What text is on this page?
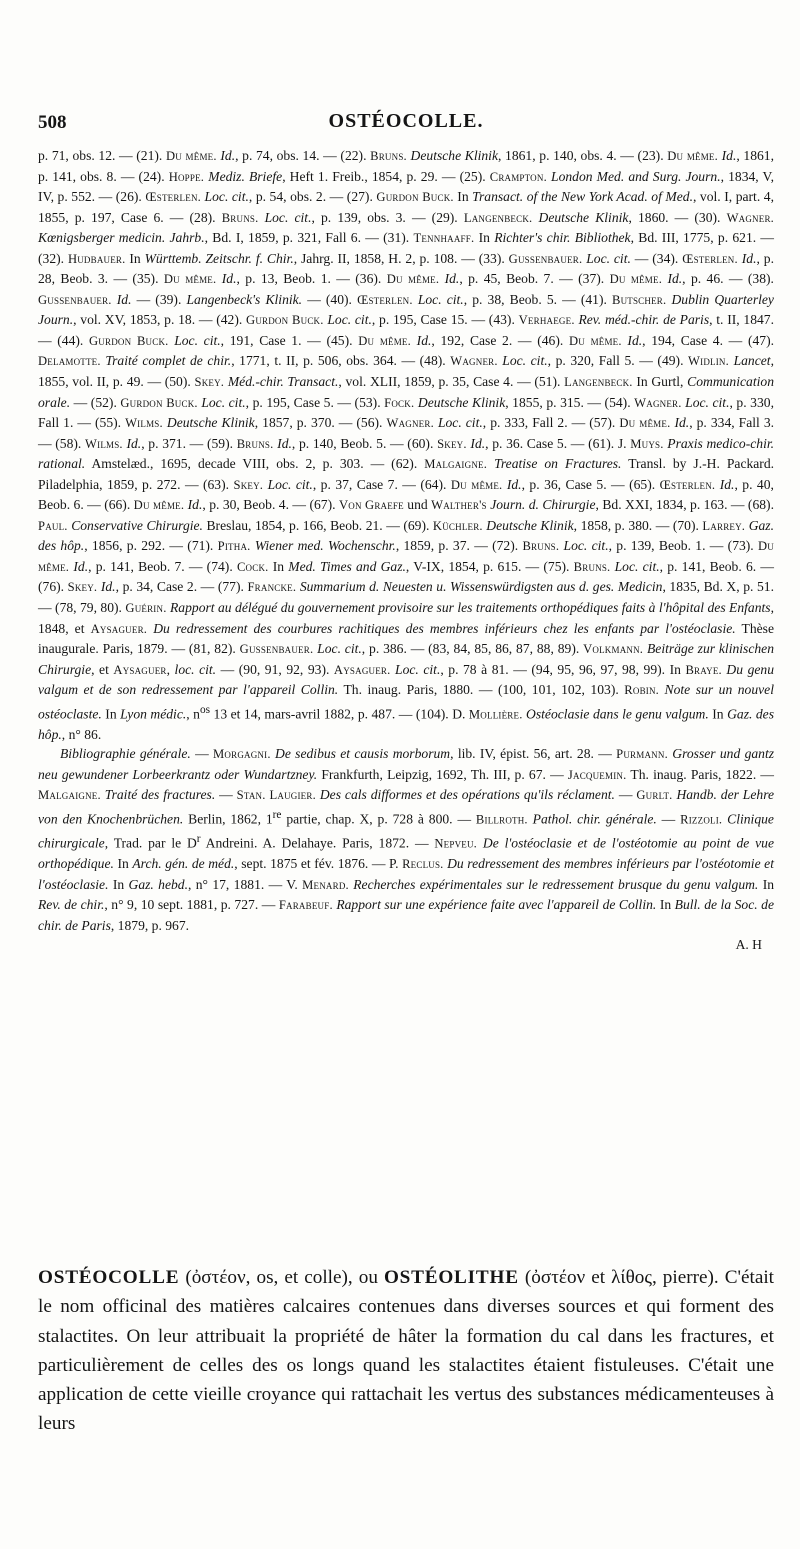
508	OSTÉOCOLLE.

p. 71, obs. 12. — (21). Du même. Id., p. 74, obs. 14. — (22). Bruns. Deutsche Klinik, 1861, p. 140, obs. 4. — (23). Du même. Id., 1861, p. 141, obs. 8. — (24). Hoppe. Mediz. Briefe, Heft 1. Freib., 1854, p. 29. — (25). Crampton. London Med. and Surg. Journ., 1834, V, IV, p. 552. — (26). Œsterlen. Loc. cit., p. 54, obs. 2. — (27). Gurdon Buck. In Transact. of the New York Acad. of Med., vol. I, part. 4, 1855, p. 197, Case 6. — (28). Bruns. Loc. cit., p. 139, obs. 3. — (29). Langenbeck. Deutsche Klinik, 1860. — (30). Wagner. Kœnigsberger medicin. Jahrb., Bd. I, 1859, p. 321, Fall 6. — (31). Tennhaaff. In Richter's chir. Bibliothek, Bd. III, 1775, p. 621. — (32). Hudbauer. In Württemb. Zeitschr. f. Chir., Jahrg. II, 1858, H. 2, p. 108. — (33). Gussenbauer. Loc. cit. — (34). Œsterlen. Id., p. 28, Beob. 3. — (35). Du même. Id., p. 13, Beob. 1. — (36). Du même. Id., p. 45, Beob. 7. — (37). Du même. Id., p. 46. — (38). Gussenbauer. Id. — (39). Langenbeck's Klinik. — (40). Œsterlen. Loc. cit., p. 38, Beob. 5. — (41). Butscher. Dublin Quarterley Journ., vol. XV, 1853, p. 18. — (42). Gurdon Buck. Loc. cit., p. 195, Case 15. — (43). Verhaege. Rev. méd.-chir. de Paris, t. II, 1847. — (44). Gurdon Buck. Loc. cit., 191, Case 1. — (45). Du même. Id., 192, Case 2. — (46). Du même. Id., 194, Case 4. — (47). Delamotte. Traité complet de chir., 1771, t. II, p. 506, obs. 364. — (48). Wagner. Loc. cit., p. 320, Fall 5. — (49). Widlin. Lancet, 1855, vol. II, p. 49. — (50). Skey. Méd.-chir. Transact., vol. XLII, 1859, p. 35, Case 4. — (51). Langenbeck. In Gurtl, Communication orale. — (52). Gurdon Buck. Loc. cit., p. 195, Case 5. — (53). Fock. Deutsche Klinik, 1855, p. 315. — (54). Wagner. Loc. cit., p. 330, Fall 1. — (55). Wilms. Deutsche Klinik, 1857, p. 370. — (56). Wagner. Loc. cit., p. 333, Fall 2. — (57). Du même. Id., p. 334, Fall 3. — (58). Wilms. Id., p. 371. — (59). Bruns. Id., p. 140, Beob. 5. — (60). Skey. Id., p. 36. Case 5. — (61). J. Muys. Praxis medico-chir. rational. Amstelæd., 1695, decade VIII, obs. 2, p. 303. — (62). Malgaigne. Treatise on Fractures. Transl. by J.-H. Packard. Piladelphia, 1859, p. 272. — (63). Skey. Loc. cit., p. 37, Case 7. — (64). Du même. Id., p. 36, Case 5. — (65). Œsterlen. Id., p. 40, Beob. 6. — (66). Du même. Id., p. 30, Beob. 4. — (67). Von Graefe und Walther's Journ. d. Chirurgie, Bd. XXI, 1834, p. 163. — (68). Paul. Conservative Chirurgie. Breslau, 1854, p. 166, Beob. 21. — (69). Küchler. Deutsche Klinik, 1858, p. 380. — (70). Larrey. Gaz. des hôp., 1856, p. 292. — (71). Pitha. Wiener med. Wochenschr., 1859, p. 37. — (72). Bruns. Loc. cit., p. 139, Beob. 1. — (73). Du même. Id., p. 141, Beob. 7. — (74). Cock. In Med. Times and Gaz., V-IX, 1854, p. 615. — (75). Bruns. Loc. cit., p. 141, Beob. 6. — (76). Skey. Id., p. 34, Case 2. — (77). Francke. Summarium d. Neuesten u. Wissenswürdigsten aus d. ges. Medicin, 1835, Bd. X, p. 51. — (78, 79, 80). Guérin. Rapport au délégué du gouvernement provisoire sur les traitements orthopédiques faits à l'hôpital des Enfants, 1848, et Aysaguer. Du redressement des courbures rachitiques des membres inférieurs chez les enfants par l'ostéoclasie. Thèse inaugurale. Paris, 1879. — (81, 82). Gussenbauer. Loc. cit., p. 386. — (83, 84, 85, 86, 87, 88, 89). Volkmann. Beiträge zur klinischen Chirurgie, et Aysaguer, loc. cit. — (90, 91, 92, 93). Aysaguer. Loc. cit., p. 78 à 81. — (94, 95, 96, 97, 98, 99). In Braye. Du genu valgum et de son redressement par l'appareil Collin. Th. inaug. Paris, 1880. — (100, 101, 102, 103). Robin. Note sur un nouvel ostéoclaste. In Lyon médic., $n^{os}$ 13 et 14, mars-avril 1882, p. 487. — (104). D. Mollière. Ostéoclasie dans le genu valgum. In Gaz. des hôp., n° 86.

Bibliographie générale. — Morgagni. De sedibus et causis morborum, lib. IV, épist. 56, art. 28. — Purmann. Grosser und gantz neu gewundener Lorbeerkrantz oder Wundartzney. Frankfurth, Leipzig, 1692, Th. III, p. 67. — Jacquemin. Th. inaug. Paris, 1822. — Malgaigne. Traité des fractures. — Stan. Laugier. Des cals difformes et des opérations qu'ils réclament. — Gurlt. Handb. der Lehre von den Knochenbrüchen. Berlin, 1862, 1re partie, chap. X, p. 728 à 800. — Billroth. Pathol. chir. générale. — Rizzoli. Clinique chirurgicale, Trad. par le $D^r$ Andreini. A. Delahaye. Paris, 1872. — Nepveu. De l'ostéoclasie et de l'ostéotomie au point de vue orthopédique. In Arch. gén. de méd., sept. 1875 et fév. 1876. — P. Reclus. Du redressement des membres inférieurs par l'ostéotomie et l'ostéoclasie. In Gaz. hebd., n° 17, 1881. — V. Menard. Recherches expérimentales sur le redressement brusque du genu valgum. In Rev. de chir., n° 9, 10 sept. 1881, p. 727. — Farabeuf. Rapport sur une expérience faite avec l'appareil de Collin. In Bull. de la Soc. de chir. de Paris, 1879, p. 967.

A. H

OSTÉOCOLLE (ὀστέον, os, et colle), ou OSTÉOLITHE (ὀστέον et λίθος, pierre). C'était le nom officinal des matières calcaires contenues dans diverses sources et qui forment des stalactites. On leur attribuait la propriété de hâter la formation du cal dans les fractures, et particulièrement de celles des os longs quand les stalactites étaient fistuleuses. C'était une application de cette vieille croyance qui rattachait les vertus des substances médicamenteuses à leurs
